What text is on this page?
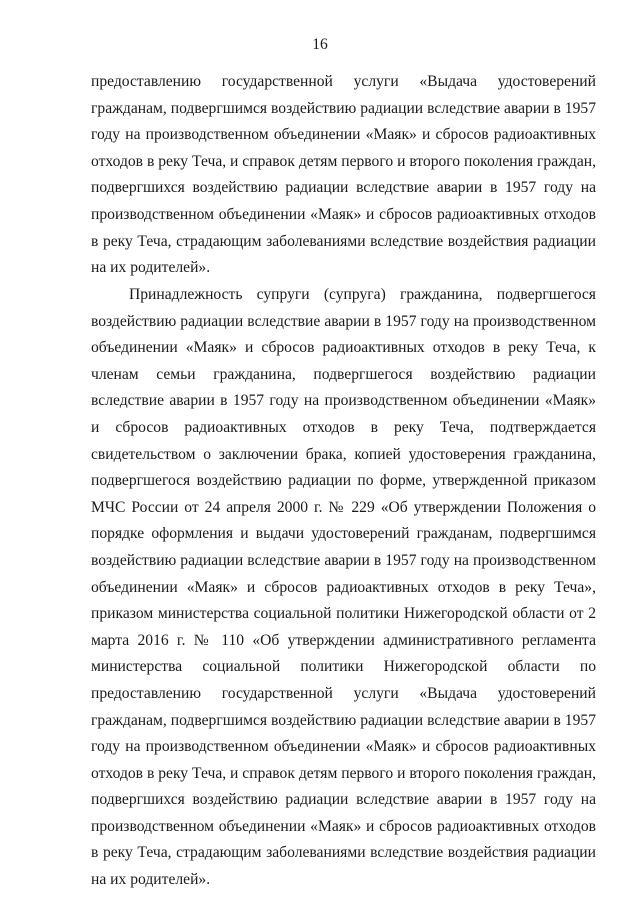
16

предоставлению государственной услуги «Выдача удостоверений гражданам, подвергшимся воздействию радиации вследствие аварии в 1957 году на производственном объединении «Маяк» и сбросов радиоактивных отходов в реку Теча, и справок детям первого и второго поколения граждан, подвергшихся воздействию радиации вследствие аварии в 1957 году на производственном объединении «Маяк» и сбросов радиоактивных отходов в реку Теча, страдающим заболеваниями вследствие воздействия радиации на их родителей».

Принадлежность супруги (супруга) гражданина, подвергшегося воздействию радиации вследствие аварии в 1957 году на производственном объединении «Маяк» и сбросов радиоактивных отходов в реку Теча, к членам семьи гражданина, подвергшегося воздействию радиации вследствие аварии в 1957 году на производственном объединении «Маяк» и сбросов радиоактивных отходов в реку Теча, подтверждается свидетельством о заключении брака, копией удостоверения гражданина, подвергшегося воздействию радиации по форме, утвержденной приказом МЧС России от 24 апреля 2000 г. № 229 «Об утверждении Положения о порядке оформления и выдачи удостоверений гражданам, подвергшимся воздействию радиации вследствие аварии в 1957 году на производственном объединении «Маяк» и сбросов радиоактивных отходов в реку Теча», приказом министерства социальной политики Нижегородской области от 2 марта 2016 г. № 110 «Об утверждении административного регламента министерства социальной политики Нижегородской области по предоставлению государственной услуги «Выдача удостоверений гражданам, подвергшимся воздействию радиации вследствие аварии в 1957 году на производственном объединении «Маяк» и сбросов радиоактивных отходов в реку Теча, и справок детям первого и второго поколения граждан, подвергшихся воздействию радиации вследствие аварии в 1957 году на производственном объединении «Маяк» и сбросов радиоактивных отходов в реку Теча, страдающим заболеваниями вследствие воздействия радиации на их родителей».
